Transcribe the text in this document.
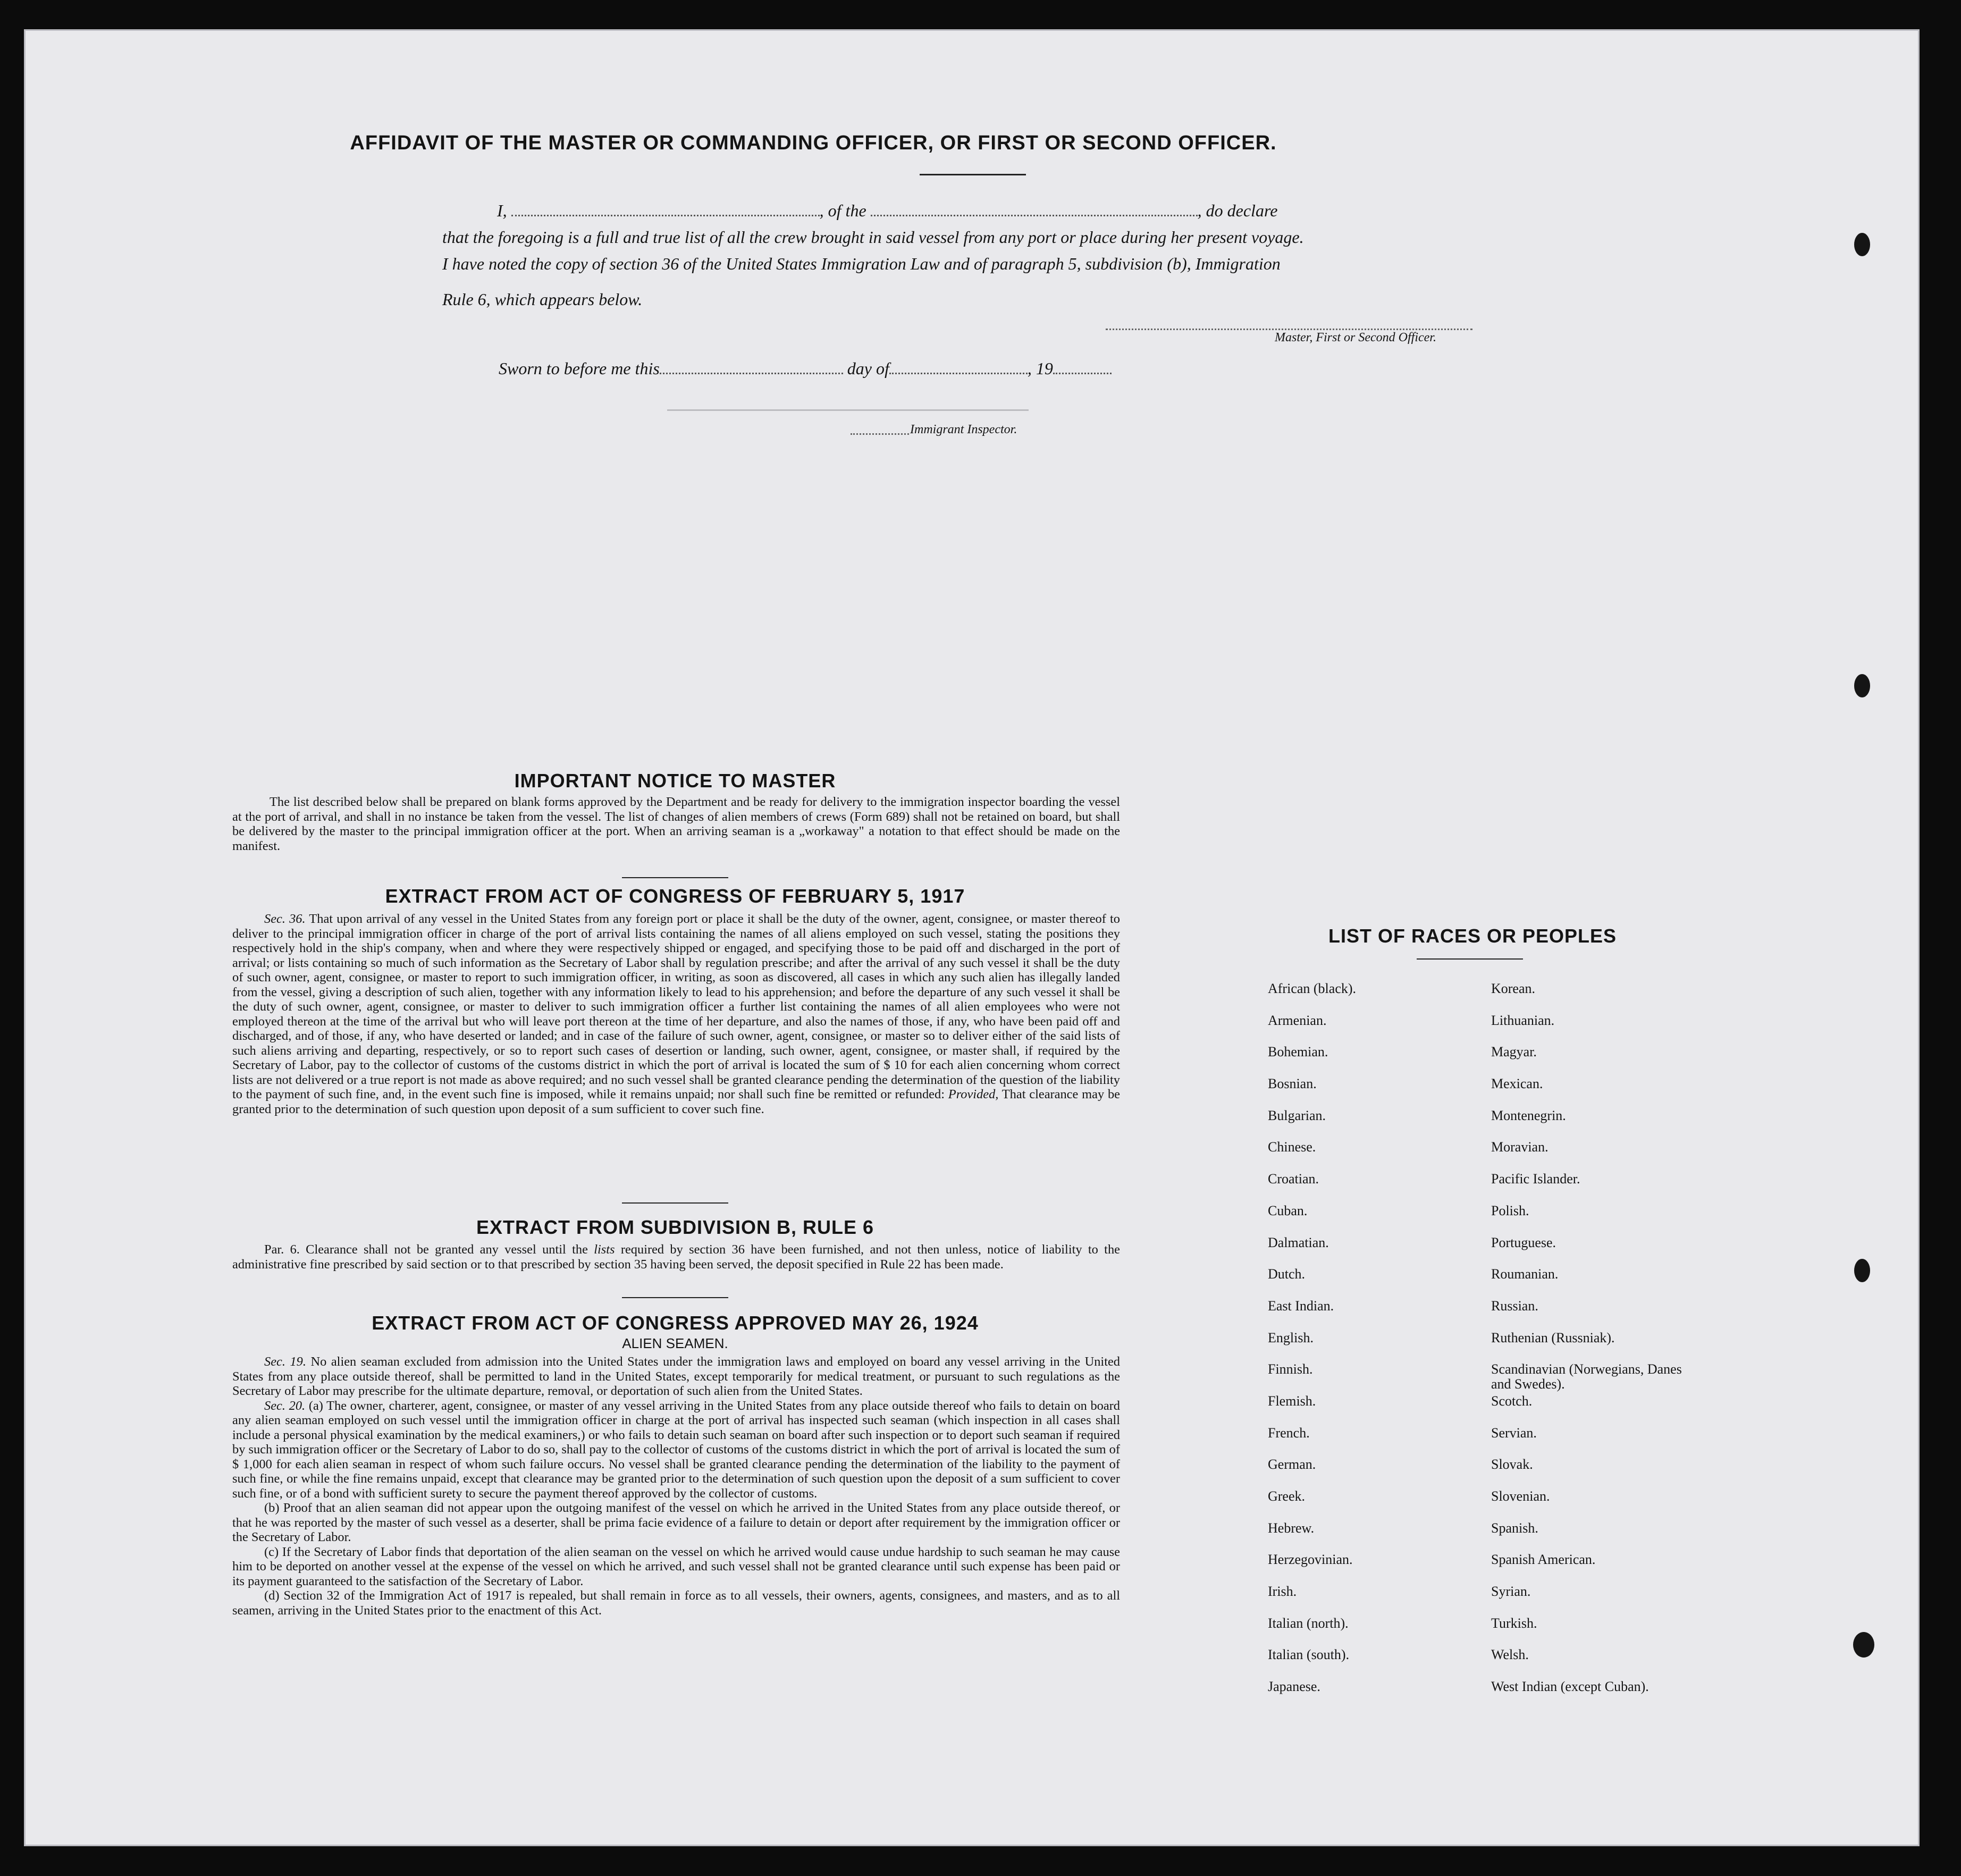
AFFIDAVIT OF THE MASTER OR COMMANDING OFFICER, OR FIRST OR SECOND OFFICER.
I,	, of the	, do declare
that the foregoing is a full and true list of all the crew brought in said vessel from any port or place during her present voyage.
I have noted the copy of section 36 of the United States Immigration Law and of paragraph 5, subdivision (b), Immigration
Rule 6, which appears below.
Master, First or Second Officer.
Sworn to before me this	day of	, 19
Immigrant Inspector.
IMPORTANT NOTICE TO MASTER

The list described below shall be prepared on blank forms approved by the Department and be ready for delivery to the immigration inspector boarding the vessel at the port of arrival, and shall in no instance be taken from the vessel. The list of changes of alien members of crews (Form 689) shall not be retained on board, but shall be delivered by the master to the principal immigration officer at the port. When an arriving seaman is a „workaway" a notation to that effect should be made on the manifest.

EXTRACT FROM ACT OF CONGRESS OF FEBRUARY 5, 1917

Sec. 36. That upon arrival of any vessel in the United States from any foreign port or place it shall be the duty of the owner, agent, consignee, or master thereof to deliver to the principal immigration officer in charge of the port of arrival lists containing the names of all aliens employed on such vessel, stating the positions they respectively hold in the ship's company, when and where they were respectively shipped or engaged, and specifying those to be paid off and discharged in the port of arrival; or lists containing so much of such information as the Secretary of Labor shall by regulation prescribe; and after the arrival of any such vessel it shall be the duty of such owner, agent, consignee, or master to report to such immigration officer, in writing, as soon as discovered, all cases in which any such alien has illegally landed from the vessel, giving a description of such alien, together with any information likely to lead to his apprehension; and before the departure of any such vessel it shall be the duty of such owner, agent, consignee, or master to deliver to such immigration officer a further list containing the names of all alien employees who were not employed thereon at the time of the arrival but who will leave port thereon at the time of her departure, and also the names of those, if any, who have been paid off and discharged, and of those, if any, who have deserted or landed; and in case of the failure of such owner, agent, consignee, or master so to deliver either of the said lists of such aliens arriving and departing, respectively, or so to report such cases of desertion or landing, such owner, agent, consignee, or master shall, if required by the Secretary of Labor, pay to the collector of customs of the customs district in which the port of arrival is located the sum of $ 10 for each alien concerning whom correct lists are not delivered or a true report is not made as above required; and no such vessel shall be granted clearance pending the determination of the question of the liability to the payment of such fine, and, in the event such fine is imposed, while it remains unpaid; nor shall such fine be remitted or refunded: Provided, That clearance may be granted prior to the determination of such question upon deposit of a sum sufficient to cover such fine.

EXTRACT FROM SUBDIVISION B, RULE 6

Par. 6. Clearance shall not be granted any vessel until the lists required by section 36 have been furnished, and not then unless, notice of liability to the administrative fine prescribed by said section or to that prescribed by section 35 having been served, the deposit specified in Rule 22 has been made.

EXTRACT FROM ACT OF CONGRESS APPROVED MAY 26, 1924
ALIEN SEAMEN.

Sec. 19. No alien seaman excluded from admission into the United States under the immigration laws and employed on board any vessel arriving in the United States from any place outside thereof, shall be permitted to land in the United States, except temporarily for medical treatment, or pursuant to such regulations as the Secretary of Labor may prescribe for the ultimate departure, removal, or deportation of such alien from the United States.

Sec. 20. (a) The owner, charterer, agent, consignee, or master of any vessel arriving in the United States from any place outside thereof who fails to detain on board any alien seaman employed on such vessel until the immigration officer in charge at the port of arrival has inspected such seaman (which inspection in all cases shall include a personal physical examination by the medical examiners,) or who fails to detain such seaman on board after such inspection or to deport such seaman if required by such immigration officer or the Secretary of Labor to do so, shall pay to the collector of customs of the customs district in which the port of arrival is located the sum of $ 1,000 for each alien seaman in respect of whom such failure occurs. No vessel shall be granted clearance pending the determination of the liability to the payment of such fine, or while the fine remains unpaid, except that clearance may be granted prior to the determination of such question upon the deposit of a sum sufficient to cover such fine, or of a bond with sufficient surety to secure the payment thereof approved by the collector of customs.

(b) Proof that an alien seaman did not appear upon the outgoing manifest of the vessel on which he arrived in the United States from any place outside thereof, or that he was reported by the master of such vessel as a deserter, shall be prima facie evidence of a failure to detain or deport after requirement by the immigration officer or the Secretary of Labor.

(c) If the Secretary of Labor finds that deportation of the alien seaman on the vessel on which he arrived would cause undue hardship to such seaman he may cause him to be deported on another vessel at the expense of the vessel on which he arrived, and such vessel shall not be granted clearance until such expense has been paid or its payment guaranteed to the satisfaction of the Secretary of Labor.

(d) Section 32 of the Immigration Act of 1917 is repealed, but shall remain in force as to all vessels, their owners, agents, consignees, and masters, and as to all seamen, arriving in the United States prior to the enactment of this Act.

LIST OF RACES OR PEOPLES
African (black).
Armenian.
Bohemian.
Bosnian.
Bulgarian.
Chinese.
Croatian.
Cuban.
Dalmatian.
Dutch.
East Indian.
English.
Finnish.
Flemish.
French.
German.
Greek.
Hebrew.
Herzegovinian.
Irish.
Italian (north).
Italian (south).
Japanese.
Korean.
Lithuanian.
Magyar.
Mexican.
Montenegrin.
Moravian.
Pacific Islander.
Polish.
Portuguese.
Roumanian.
Russian.
Ruthenian (Russniak).
Scandinavian (Norwegians, Danes and Swedes).
Scotch.
Servian.
Slovak.
Slovenian.
Spanish.
Spanish American.
Syrian.
Turkish.
Welsh.
West Indian (except Cuban).
